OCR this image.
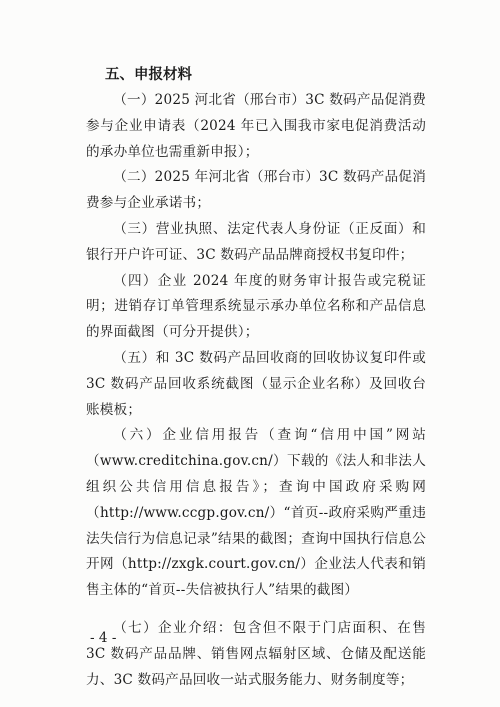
五、申报材料

（一）2025 河北省（邢台市）3C 数码产品促消费参与企业申请表（2024 年已入围我市家电促消费活动的承办单位也需重新申报）；

（二）2025 年河北省（邢台市）3C 数码产品促消费参与企业承诺书；

（三）营业执照、法定代表人身份证（正反面）和银行开户许可证、3C 数码产品品牌商授权书复印件；

（四）企业 2024 年度的财务审计报告或完税证明；进销存订单管理系统显示承办单位名称和产品信息的界面截图（可分开提供）；

（五）和 3C 数码产品回收商的回收协议复印件或 3C 数码产品回收系统截图（显示企业名称）及回收台账模板；

（六）企业信用报告（查询“信用中国”网站（www.creditchina.gov.cn/）下载的《法人和非法人组织公共信用信息报告》；查询中国政府采购网（http://www.ccgp.gov.cn/）“首页--政府采购严重违法失信行为信息记录”结果的截图；查询中国执行信息公开网（http://zxgk.court.gov.cn/）企业法人代表和销售主体的“首页--失信被执行人”结果的截图）

（七）企业介绍：包含但不限于门店面积、在售 3C 数码产品品牌、销售网点辐射区域、仓储及配送能力、3C 数码产品回收一站式服务能力、财务制度等；

- 4 -
